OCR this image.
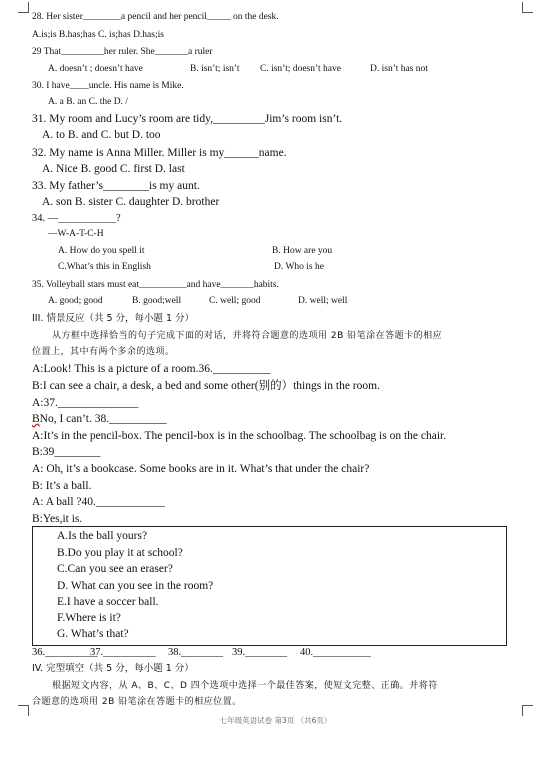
28. Her sister________a pencil and her pencil_____ on the desk.
A.is;is B.has;has C. is;has D.has;is
29 That_________her ruler. She_______a ruler
A. doesn’t ; doesn’t have	B. isn’t; isn’t C. isn’t; doesn’t have	D. isn’t has not
30. I have____uncle. His name is Mike.
A. a B. an C. the D. /
31. My room and Lucy’s room are tidy,_________Jim’s room isn’t.
A. to B. and C. but D. too
32. My name is Anna Miller. Miller is my______name.
A. Nice B. good C. first D. last
33. My father’s________is my aunt.
A. son B. sister C. daughter D. brother
34. —___________?
—W-A-T-C-H
A. How do you spell it	B. How are you
C.What’s this in English	D. Who is he
35. Volleyball stars must eat__________and have_______habits.
A. good; good	B. good;well	C. well; good	D. well; well
III. 情景反应（共 5 分，每小题 1 分）
从方框中选择恰当的句子完成下面的对话，并将符合题意的选项用 2B 铅笔涂在答题卡的相应
位置上，其中有两个多余的选项。
A:Look! This is a picture of a room.36.__________
B:I can see a chair, a desk, a bed and some other(别的）things in the room.
A:37.______________
BNo, I can’t. 38.__________
A:It’s in the pencil-box. The pencil-box is in the schoolbag. The schoolbag is on the chair.
B:39________
A: Oh, it’s a bookcase. Some books are in it. What’s that under the chair?
B: It’s a ball.
A: A ball ?40.____________
B:Yes,it is.
A.Is the ball yours?
B.Do you play it at school?
C.Can you see an eraser?
D. What can you see in the room?
E.I have a soccer ball.
F.Where is it?
G. What’s that?
36.__________
37.__________ 38.________ 39.________ 40.___________
IV. 完型填空（共 5 分，每小题 1 分）
根据短文内容，从 A、B、C、D 四个选项中选择一个最佳答案，使短文完整、正确。并将符
合题意的选项用 2B 铅笔涂在答题卡的相应位置。
七年级英语试卷 第3页 （共6页）
